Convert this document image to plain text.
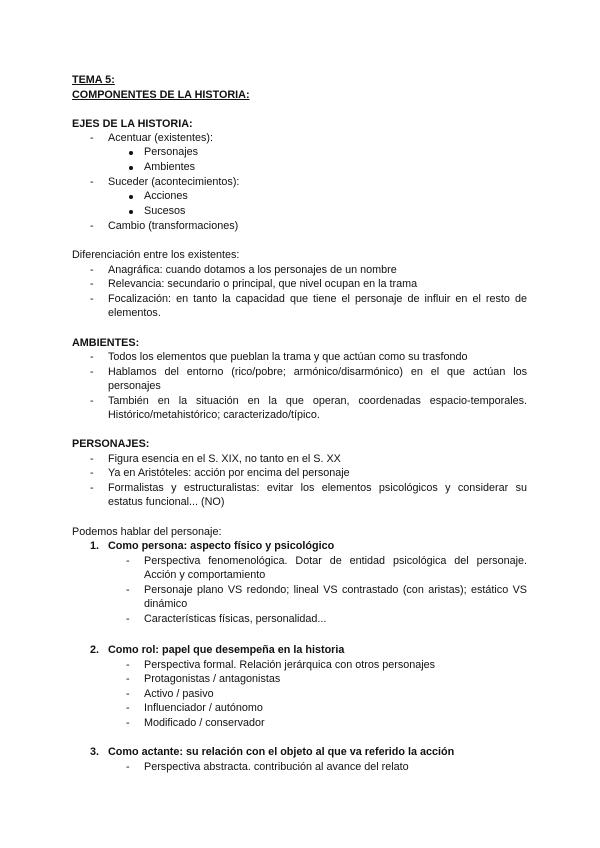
TEMA 5:
COMPONENTES DE LA HISTORIA:
EJES DE LA HISTORIA:
- Acentuar (existentes):
Personajes
Ambientes
- Suceder (acontecimientos):
Acciones
Sucesos
- Cambio (transformaciones)
Diferenciación entre los existentes:
- Anagráfica: cuando dotamos a los personajes de un nombre
- Relevancia: secundario o principal, que nivel ocupan en la trama
- Focalización: en tanto la capacidad que tiene el personaje de influir en el resto de
elementos.
AMBIENTES:
- Todos los elementos que pueblan la trama y que actúan como su trasfondo
- Hablamos del entorno (rico/pobre; armónico/disarmónico) en el que actúan los
personajes
- También en la situación en la que operan, coordenadas espacio-temporales.
Histórico/metahistórico; caracterizado/típico.
PERSONAJES:
- Figura esencia en el S. XIX, no tanto en el S. XX
- Ya en Aristóteles: acción por encima del personaje
- Formalistas y estructuralistas: evitar los elementos psicológicos y considerar su
estatus funcional... (NO)
Podemos hablar del personaje:
1. Como persona: aspecto físico y psicológico
- Perspectiva fenomenológica. Dotar de entidad psicológica del personaje.
Acción y comportamiento
- Personaje plano VS redondo; lineal VS contrastado (con aristas); estático VS
dinámico
- Características físicas, personalidad...
2. Como rol: papel que desempeña en la historia
- Perspectiva formal. Relación jerárquica con otros personajes
- Protagonistas / antagonistas
- Activo / pasivo
- Influenciador / autónomo
- Modificado / conservador
3. Como actante: su relación con el objeto al que va referido la acción
- Perspectiva abstracta. contribución al avance del relato
